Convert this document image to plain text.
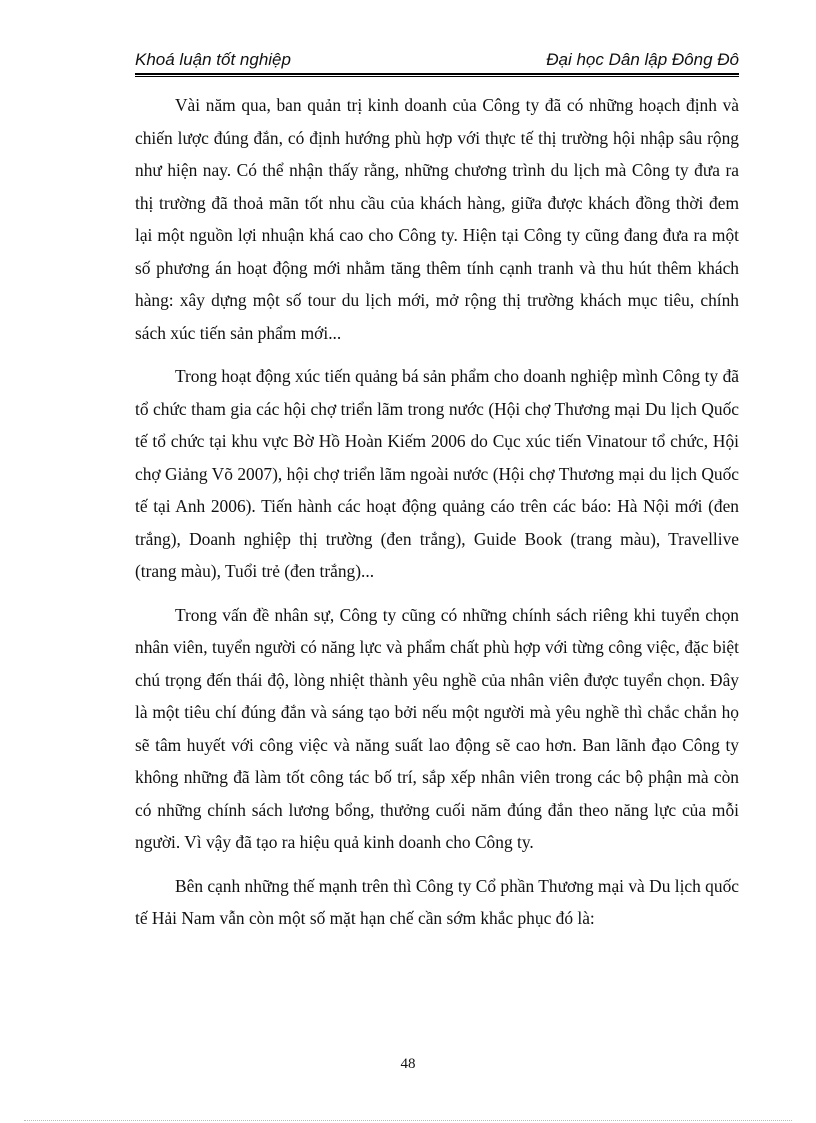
Khoá luận tốt nghiệp	Đại học Dân lập Đông Đô

Vài năm qua, ban quản trị kinh doanh của Công ty đã có những hoạch định và chiến lược đúng đắn, có định hướng phù hợp với thực tế thị trường hội nhập sâu rộng như hiện nay. Có thể nhận thấy rằng, những chương trình du lịch mà Công ty đưa ra thị trường đã thoả mãn tốt nhu cầu của khách hàng, giữa được khách đồng thời đem lại một nguồn lợi nhuận khá cao cho Công ty. Hiện tại Công ty cũng đang đưa ra một số phương án hoạt động mới nhằm tăng thêm tính cạnh tranh và thu hút thêm khách hàng: xây dựng một số tour du lịch mới, mở rộng thị trường khách mục tiêu, chính sách xúc tiến sản phẩm mới...

Trong hoạt động xúc tiến quảng bá sản phẩm cho doanh nghiệp mình Công ty đã tổ chức tham gia các hội chợ triển lãm trong nước (Hội chợ Thương mại Du lịch Quốc tế tổ chức tại khu vực Bờ Hồ Hoàn Kiếm 2006 do Cục xúc tiến Vinatour tổ chức, Hội chợ Giảng Võ 2007), hội chợ triển lãm ngoài nước (Hội chợ Thương mại du lịch Quốc tế tại Anh 2006). Tiến hành các hoạt động quảng cáo trên các báo: Hà Nội mới (đen trắng), Doanh nghiệp thị trường (đen trắng), Guide Book (trang màu), Travellive (trang màu), Tuổi trẻ (đen trắng)...

Trong vấn đề nhân sự, Công ty cũng có những chính sách riêng khi tuyển chọn nhân viên, tuyển người có năng lực và phẩm chất phù hợp với từng công việc, đặc biệt chú trọng đến thái độ, lòng nhiệt thành yêu nghề của nhân viên được tuyển chọn. Đây là một tiêu chí đúng đắn và sáng tạo bởi nếu một người mà yêu nghề thì chắc chắn họ sẽ tâm huyết với công việc và năng suất lao động sẽ cao hơn. Ban lãnh đạo Công ty không những đã làm tốt công tác bố trí, sắp xếp nhân viên trong các bộ phận mà còn có những chính sách lương bổng, thưởng cuối năm đúng đắn theo năng lực của mỗi người. Vì vậy đã tạo ra hiệu quả kinh doanh cho Công ty.

Bên cạnh những thế mạnh trên thì Công ty Cổ phần Thương mại và Du lịch quốc tế Hải Nam vẫn còn một số mặt hạn chế cần sớm khắc phục đó là:

48
